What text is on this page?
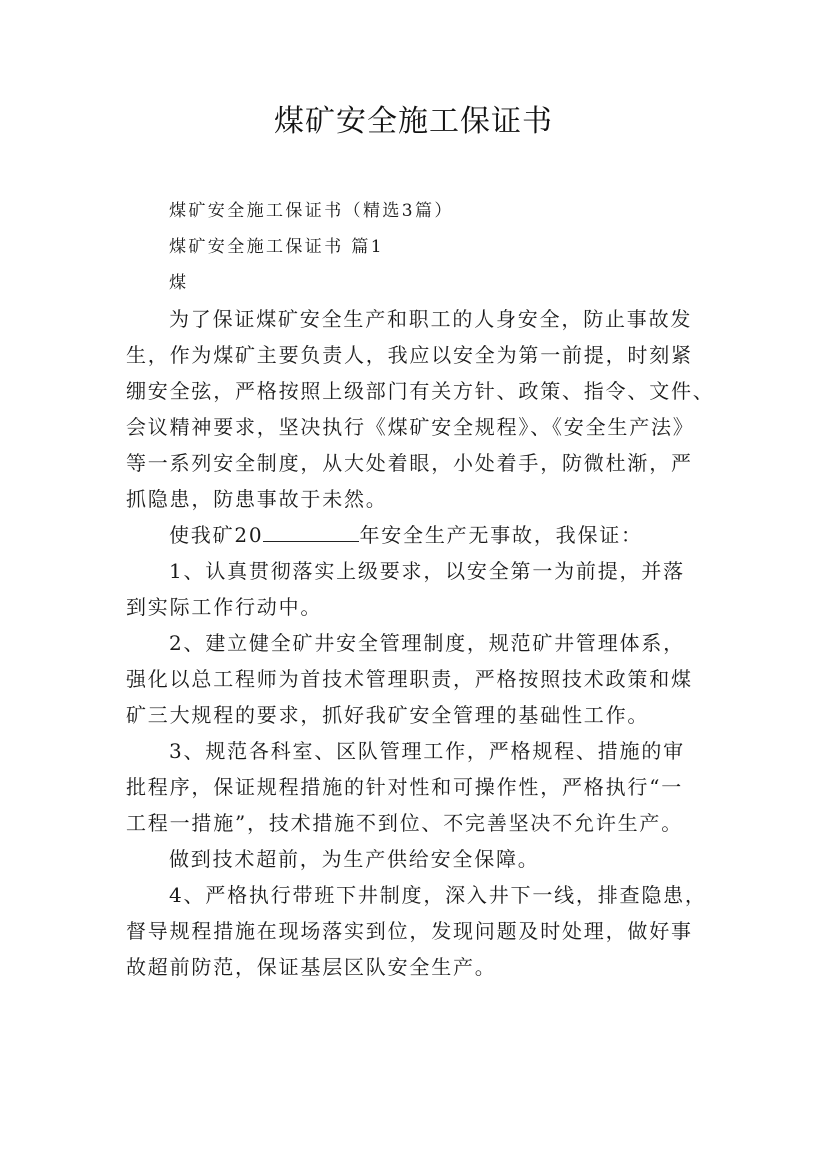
煤矿安全施工保证书
煤矿安全施工保证书（精选3篇）
煤矿安全施工保证书 篇1
煤
为了保证煤矿安全生产和职工的人身安全，防止事故发
生，作为煤矿主要负责人，我应以安全为第一前提，时刻紧
绷安全弦，严格按照上级部门有关方针、政策、指令、文件、
会议精神要求，坚决执行《煤矿安全规程》、《安全生产法》
等一系列安全制度，从大处着眼，小处着手，防微杜渐，严
抓隐患，防患事故于未然。
使我矿20	年安全生产无事故，我保证：
1、认真贯彻落实上级要求，以安全第一为前提，并落
到实际工作行动中。
2、建立健全矿井安全管理制度，规范矿井管理体系，
强化以总工程师为首技术管理职责，严格按照技术政策和煤
矿三大规程的要求，抓好我矿安全管理的基础性工作。
3、规范各科室、区队管理工作，严格规程、措施的审
批程序，保证规程措施的针对性和可操作性，严格执行“一
工程一措施”，技术措施不到位、不完善坚决不允许生产。
做到技术超前，为生产供给安全保障。
4、严格执行带班下井制度，深入井下一线，排查隐患，
督导规程措施在现场落实到位，发现问题及时处理，做好事
故超前防范，保证基层区队安全生产。
